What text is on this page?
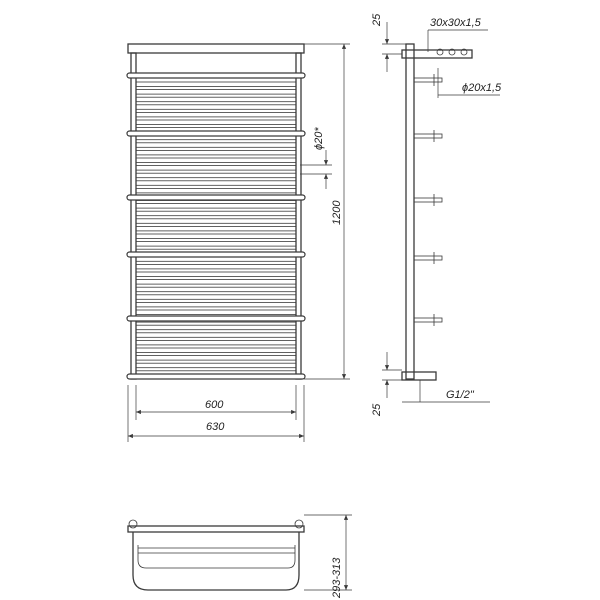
600
630
1200
ϕ20*
25
25
30x30x1,5
ϕ20x1,5
G1/2"
293-313
